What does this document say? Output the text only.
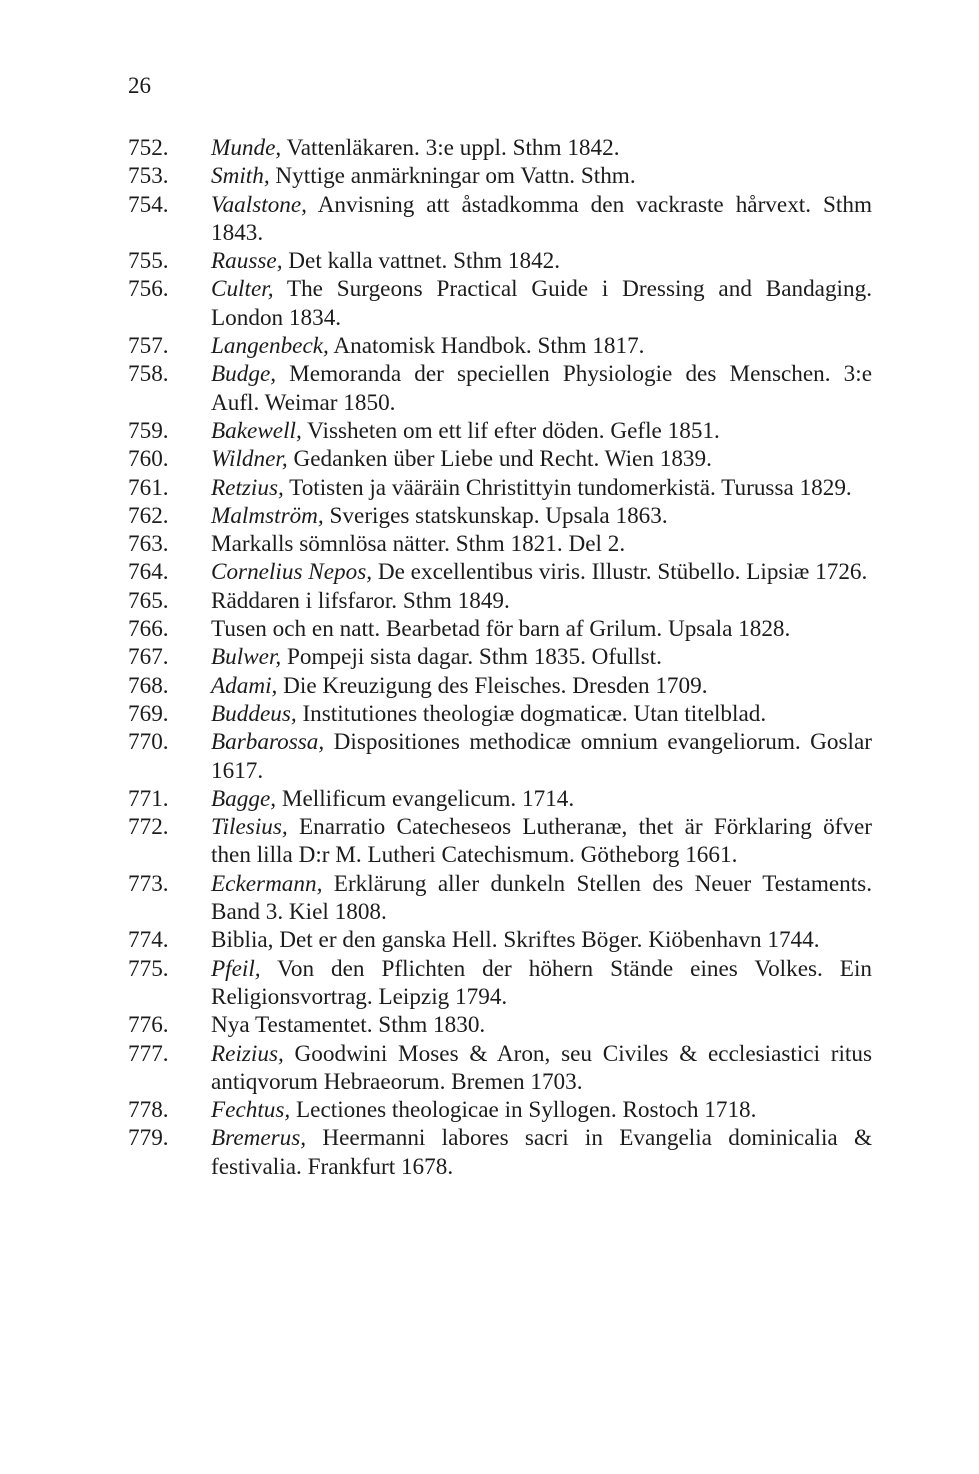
26
752. Munde, Vattenläkaren. 3:e uppl. Sthm 1842.
753. Smith, Nyttige anmärkningar om Vattn. Sthm.
754. Vaalstone, Anvisning att åstadkomma den vackraste hårvext. Sthm 1843.
755. Rausse, Det kalla vattnet. Sthm 1842.
756. Culter, The Surgeons Practical Guide i Dressing and Bandaging. London 1834.
757. Langenbeck, Anatomisk Handbok. Sthm 1817.
758. Budge, Memoranda der speciellen Physiologie des Menschen. 3:e Aufl. Weimar 1850.
759. Bakewell, Vissheten om ett lif efter döden. Gefle 1851.
760. Wildner, Gedanken über Liebe und Recht. Wien 1839.
761. Retzius, Totisten ja vääräin Christittyin tundomerkistä. Turussa 1829.
762. Malmström, Sveriges statskunskap. Upsala 1863.
763. Markalls sömnlösa nätter. Sthm 1821. Del 2.
764. Cornelius Nepos, De excellentibus viris. Illustr. Stübello. Lipsiæ 1726.
765. Räddaren i lifsfaror. Sthm 1849.
766. Tusen och en natt. Bearbetad för barn af Grilum. Upsala 1828.
767. Bulwer, Pompeji sista dagar. Sthm 1835. Ofullst.
768. Adami, Die Kreuzigung des Fleisches. Dresden 1709.
769. Buddeus, Institutiones theologiæ dogmaticæ. Utan titelblad.
770. Barbarossa, Dispositiones methodicæ omnium evangeliorum. Goslar 1617.
771. Bagge, Mellificum evangelicum. 1714.
772. Tilesius, Enarratio Catecheseos Lutheranæ, thet är Förklaring öfver then lilla D:r M. Lutheri Catechismum. Götheborg 1661.
773. Eckermann, Erklärung aller dunkeln Stellen des Neuer Testaments. Band 3. Kiel 1808.
774. Biblia, Det er den ganska Hell. Skriftes Böger. Kiöbenhavn 1744.
775. Pfeil, Von den Pflichten der höhern Stände eines Volkes. Ein Religionsvortrag. Leipzig 1794.
776. Nya Testamentet. Sthm 1830.
777. Reizius, Goodwini Moses & Aron, seu Civiles & ecclesiastici ritus antiqvorum Hebraeorum. Bremen 1703.
778. Fechtus, Lectiones theologicae in Syllogen. Rostoch 1718.
779. Bremerus, Heermanni labores sacri in Evangelia dominicalia & festivalia. Frankfurt 1678.
